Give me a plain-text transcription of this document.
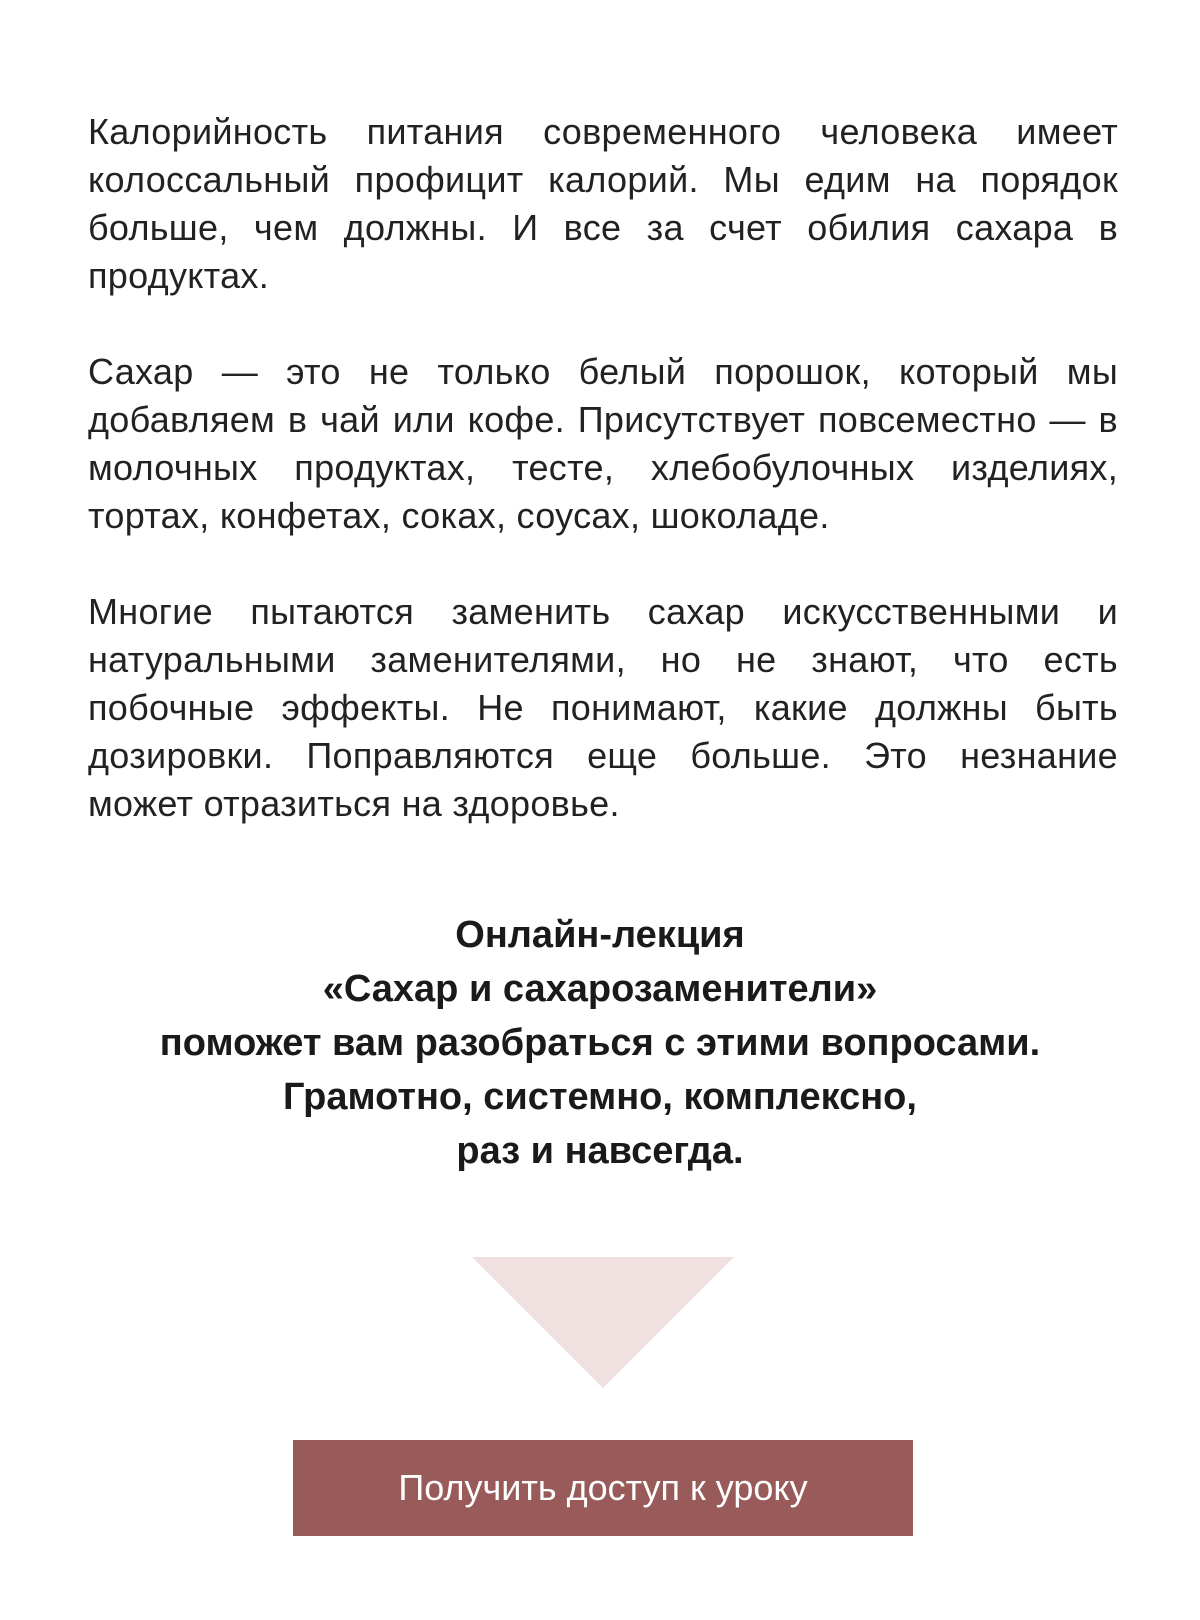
Калорийность питания современного человека имеет колоссальный профицит калорий. Мы едим на порядок больше, чем должны. И все за счет обилия сахара в продуктах.

Сахар — это не только белый порошок, который мы добавляем в чай или кофе. Присутствует повсеместно — в молочных продуктах, тесте, хлебобулочных изделиях, тортах, конфетах, соках, соусах, шоколаде.

Многие пытаются заменить сахар искусственными и натуральными заменителями, но не знают, что есть побочные эффекты. Не понимают, какие должны быть дозировки. Поправляются еще больше. Это незнание может отразиться на здоровье.

Онлайн-лекция
«Сахар и сахарозаменители»
поможет вам разобраться с этими вопросами.
Грамотно, системно, комплексно,
раз и навсегда.
Получить доступ к уроку
